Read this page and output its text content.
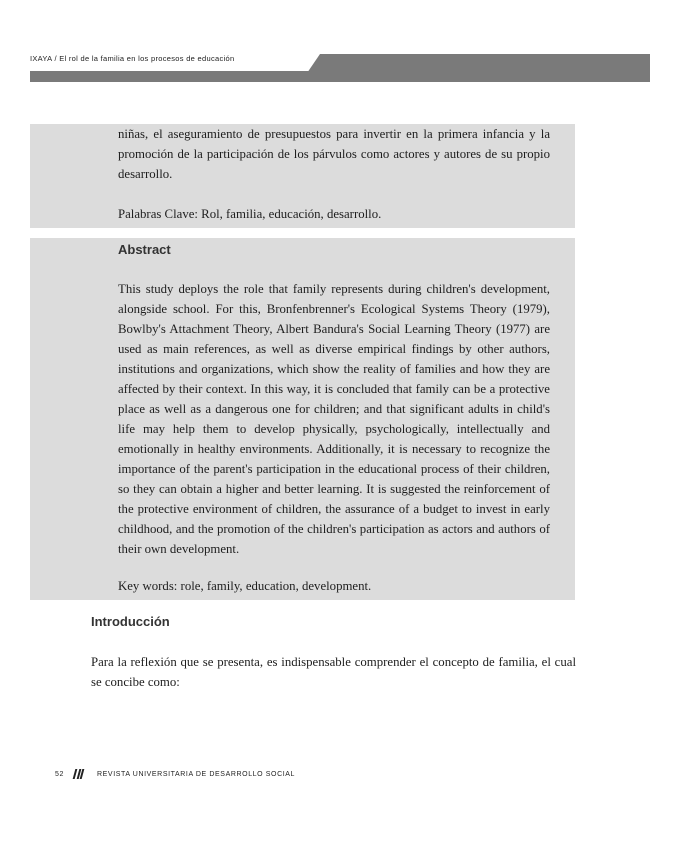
IXAYA / El rol de la familia en los procesos de educación

niñas, el aseguramiento de presupuestos para invertir en la primera infancia y la promoción de la participación de los párvulos como actores y autores de su propio desarrollo.

Palabras Clave: Rol, familia, educación, desarrollo.

Abstract

This study deploys the role that family represents during children's development, alongside school. For this, Bronfenbrenner's Ecological Systems Theory (1979), Bowlby's Attachment Theory, Albert Bandura's Social Learning Theory (1977) are used as main references, as well as diverse empirical findings by other authors, institutions and organizations, which show the reality of families and how they are affected by their context. In this way, it is concluded that family can be a protective place as well as a dangerous one for children; and that significant adults in child's life may help them to develop physically, psychologically, intellectually and emotionally in healthy environments. Additionally, it is necessary to recognize the importance of the parent's participation in the educational process of their children, so they can obtain a higher and better learning. It is suggested the reinforcement of the protective environment of children, the assurance of a budget to invest in early childhood, and the promotion of the children's participation as actors and authors of their own development.

Key words: role, family, education, development.

Introducción

Para la reflexión que se presenta, es indispensable comprender el concepto de familia, el cual se concibe como:

52	REVISTA UNIVERSITARIA DE DESARROLLO SOCIAL
